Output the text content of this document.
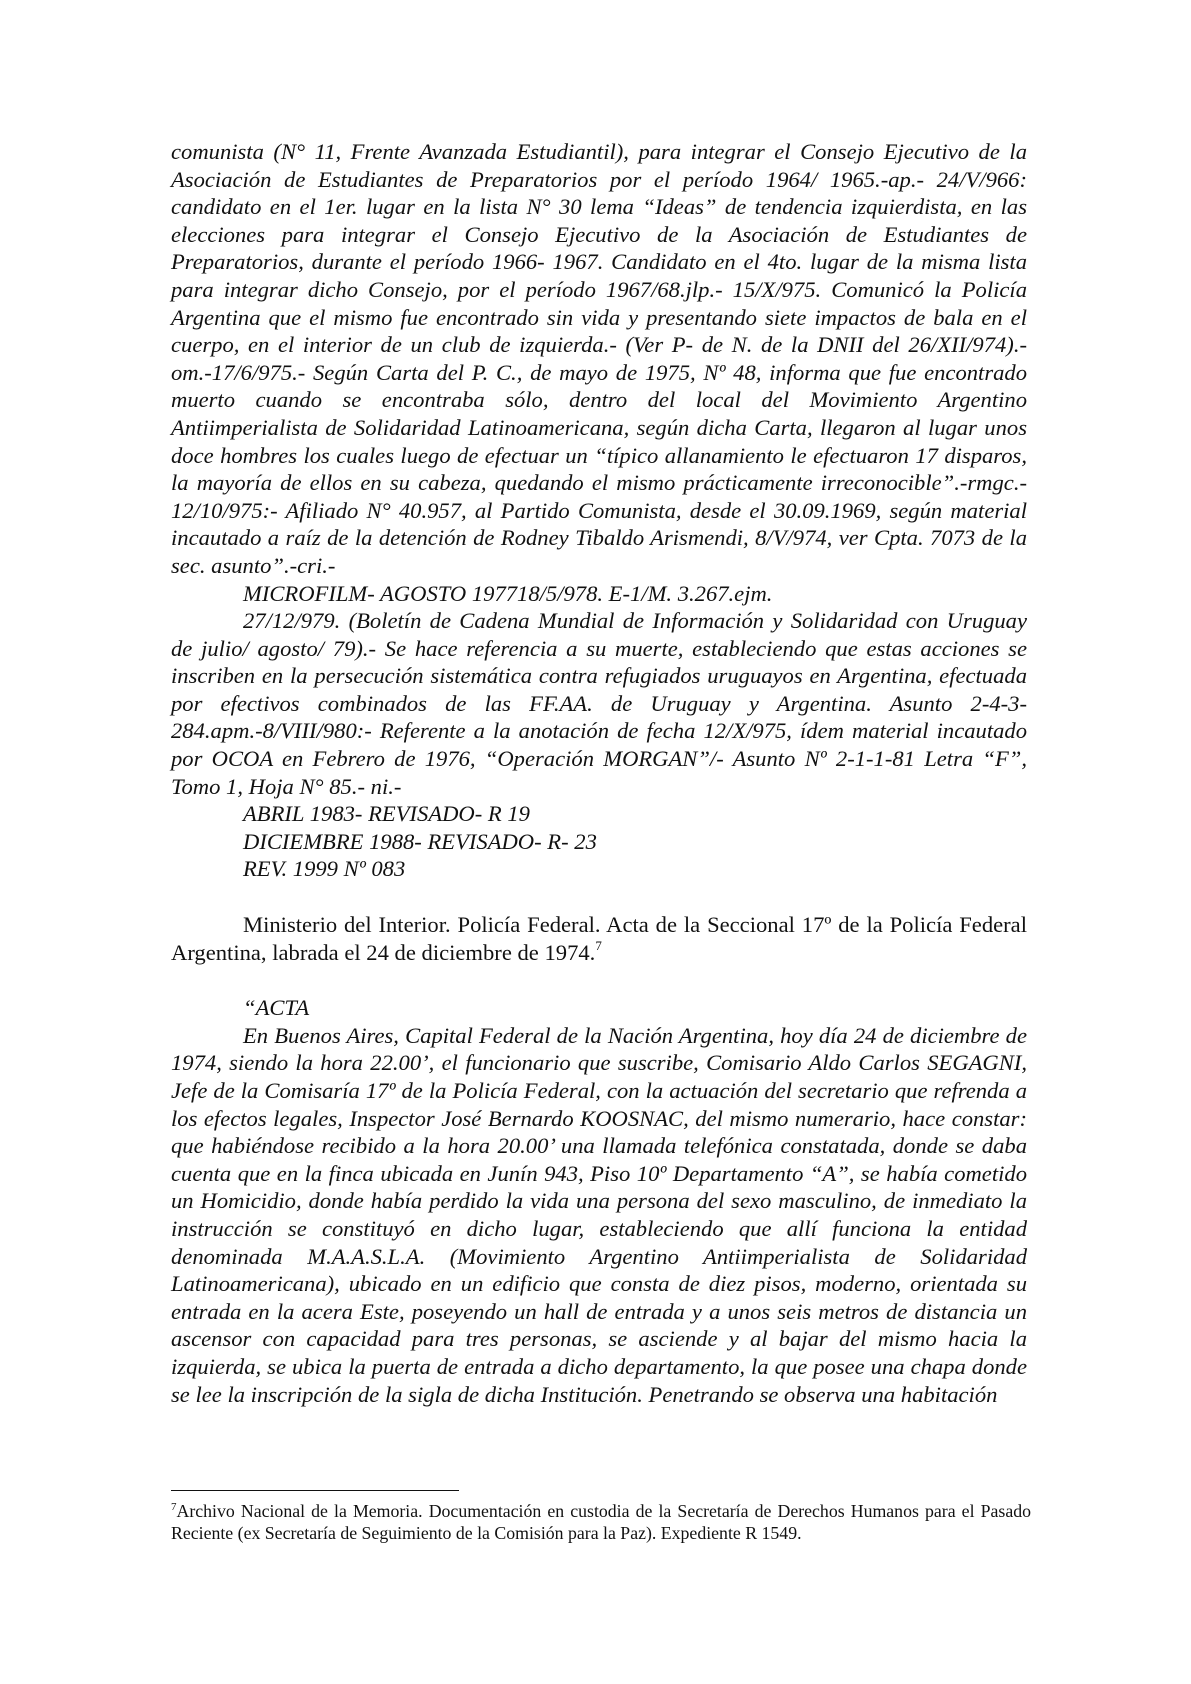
comunista (N° 11, Frente Avanzada Estudiantil), para integrar el Consejo Ejecutivo de la Asociación de Estudiantes de Preparatorios por el período 1964/ 1965.-ap.- 24/V/966: candidato en el 1er. lugar en la lista N° 30 lema “Ideas” de tendencia izquierdista, en las elecciones para integrar el Consejo Ejecutivo de la Asociación de Estudiantes de Preparatorios, durante el período 1966- 1967. Candidato en el 4to. lugar de la misma lista para integrar dicho Consejo, por el período 1967/68.jlp.- 15/X/975. Comunicó la Policía Argentina que el mismo fue encontrado sin vida y presentando siete impactos de bala en el cuerpo, en el interior de un club de izquierda.- (Ver P- de N. de la DNII del 26/XII/974).-om.-17/6/975.- Según Carta del P. C., de mayo de 1975, Nº 48, informa que fue encontrado muerto cuando se encontraba sólo, dentro del local del Movimiento Argentino Antiimperialista de Solidaridad Latinoamericana, según dicha Carta, llegaron al lugar unos doce hombres los cuales luego de efectuar un “típico allanamiento le efectuaron 17 disparos, la mayoría de ellos en su cabeza, quedando el mismo prácticamente irreconocible”.-rmgc.- 12/10/975:- Afiliado N° 40.957, al Partido Comunista, desde el 30.09.1969, según material incautado a raíz de la detención de Rodney Tibaldo Arismendi, 8/V/974, ver Cpta. 7073 de la sec. asunto”.-cri.-

MICROFILM- AGOSTO 197718/5/978. E-1/M. 3.267.ejm.

27/12/979. (Boletín de Cadena Mundial de Información y Solidaridad con Uruguay de julio/ agosto/ 79).- Se hace referencia a su muerte, estableciendo que estas acciones se inscriben en la persecución sistemática contra refugiados uruguayos en Argentina, efectuada por efectivos combinados de las FF.AA. de Uruguay y Argentina. Asunto 2-4-3-284.apm.-8/VIII/980:- Referente a la anotación de fecha 12/X/975, ídem material incautado por OCOA en Febrero de 1976, “Operación MORGAN”/- Asunto Nº 2-1-1-81 Letra “F”, Tomo 1, Hoja N° 85.- ni.-

ABRIL 1983- REVISADO- R 19

DICIEMBRE 1988- REVISADO- R- 23

REV. 1999 Nº 083

Ministerio del Interior. Policía Federal. Acta de la Seccional 17º de la Policía Federal Argentina, labrada el 24 de diciembre de 1974.$^7$

“ACTA

En Buenos Aires, Capital Federal de la Nación Argentina, hoy día 24 de diciembre de 1974, siendo la hora 22.00’, el funcionario que suscribe, Comisario Aldo Carlos SEGAGNI, Jefe de la Comisaría 17º de la Policía Federal, con la actuación del secretario que refrenda a los efectos legales, Inspector José Bernardo KOOSNAC, del mismo numerario, hace constar: que habiéndose recibido a la hora 20.00’ una llamada telefónica constatada, donde se daba cuenta que en la finca ubicada en Junín 943, Piso 10º Departamento “A”, se había cometido un Homicidio, donde había perdido la vida una persona del sexo masculino, de inmediato la instrucción se constituyó en dicho lugar, estableciendo que allí funciona la entidad denominada M.A.A.S.L.A. (Movimiento Argentino Antiimperialista de Solidaridad Latinoamericana), ubicado en un edificio que consta de diez pisos, moderno, orientada su entrada en la acera Este, poseyendo un hall de entrada y a unos seis metros de distancia un ascensor con capacidad para tres personas, se asciende y al bajar del mismo hacia la izquierda, se ubica la puerta de entrada a dicho departamento, la que posee una chapa donde se lee la inscripción de la sigla de dicha Institución. Penetrando se observa una habitación

$^7$Archivo Nacional de la Memoria. Documentación en custodia de la Secretaría de Derechos Humanos para el Pasado Reciente (ex Secretaría de Seguimiento de la Comisión para la Paz). Expediente R 1549.
